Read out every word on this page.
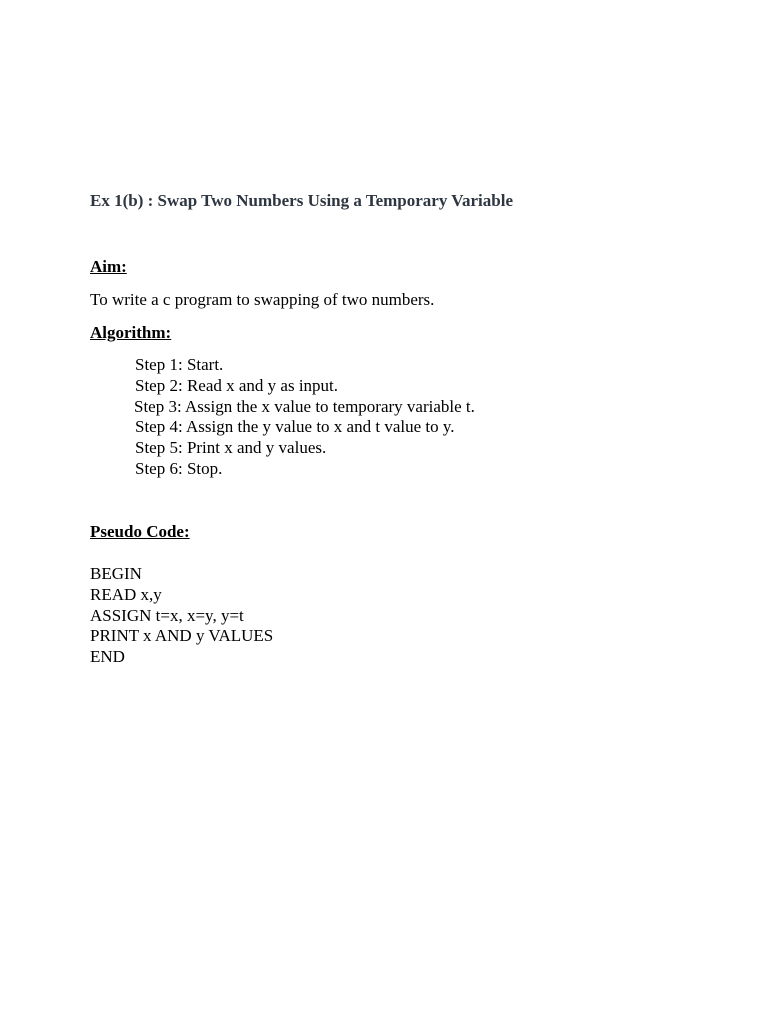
Ex 1(b) : Swap Two Numbers Using a Temporary Variable
Aim:
To write a c program to swapping of two numbers.
Algorithm:
Step 1: Start.
Step 2: Read x and y as input.
Step 3: Assign the x value to temporary variable t.
Step 4: Assign the y value to x and t value to y.
Step 5: Print x and y values.
Step 6: Stop.
Pseudo Code:
BEGIN
READ x,y
ASSIGN t=x, x=y, y=t
PRINT x AND y VALUES
END
